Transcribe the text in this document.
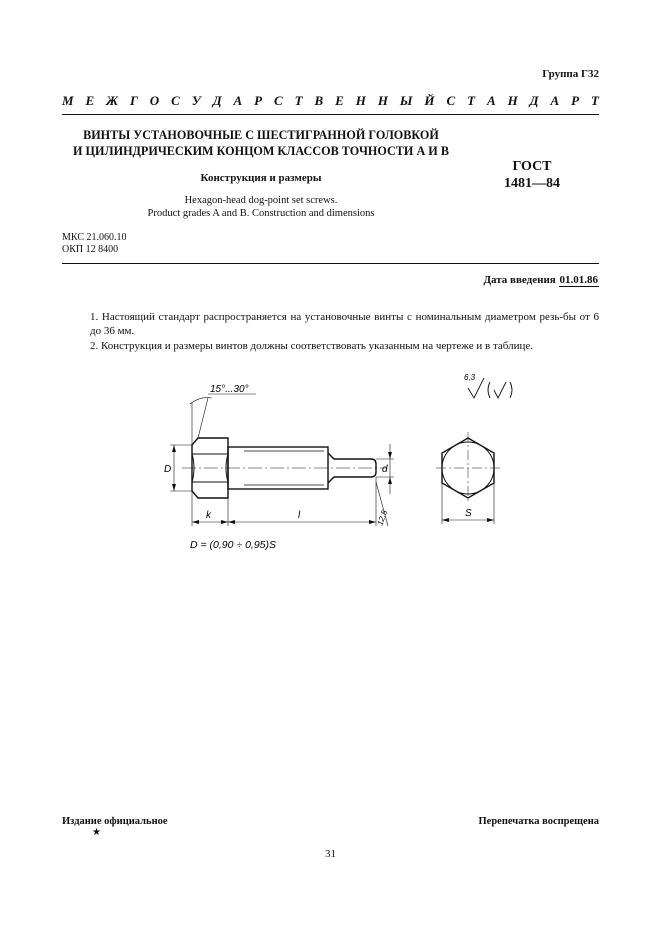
Группа Г32
М Е Ж Г О С У Д А Р С Т В Е Н Н Ы Й С Т А Н Д А Р Т
ВИНТЫ УСТАНОВОЧНЫЕ С ШЕСТИГРАННОЙ ГОЛОВКОЙ
И ЦИЛИНДРИЧЕСКИМ КОНЦОМ КЛАССОВ ТОЧНОСТИ А И В
Конструкция и размеры
ГОСТ
1481—84
Hexagon-head dog-point set screws.
Product grades A and B. Construction and dimensions
МКС 21.060.10
ОКП 12 8400
Дата введения 01.01.86
1. Настоящий стандарт распространяется на установочные винты с номинальным диаметром резь-бы от 6 до 36 мм.
2. Конструкция и размеры винтов должны соответствовать указанным на чертеже и в таблице.
15°...30°
6,3
D	d
k	l	S
12,5
D = (0,90 ÷ 0,95)S
Издание официальное
★
Перепечатка воспрещена
31
